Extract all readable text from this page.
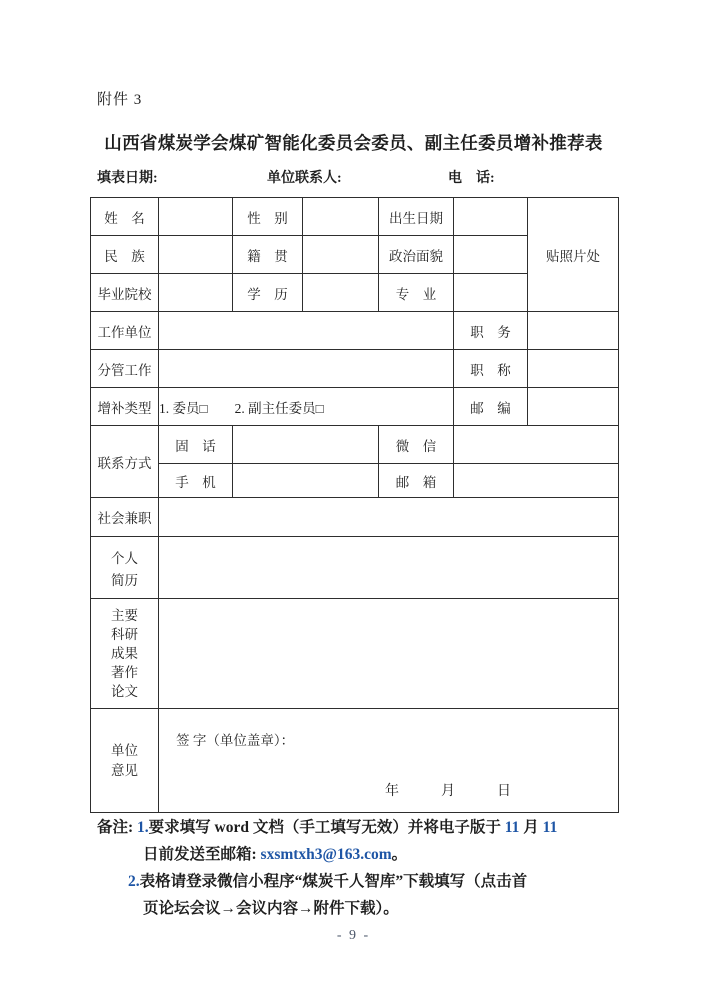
附件 3
山西省煤炭学会煤矿智能化委员会委员、副主任委员增补推荐表
填表日期:	单位联系人:	电　话:
姓　名		性　别		出生日期		贴照片处
民　族		籍　贯		政治面貌		
毕业院校		学　历		专　业		
工作单位					职　务	
分管工作					职　称	
增补类型	1. 委员□　　2. 副主任委员□				邮　编	
联系方式	固　话			微　信		
	手　机			邮　箱		
社会兼职						

个人
简历						

主要
科研
成果
著作
论文						

单位
意见	签 字（单位盖章）：
年　　　月　　　日					
备注: 1.要求填写 word 文档（手工填写无效）并将电子版于 11 月 11
日前发送至邮箱: sxsmtxh3@163.com。
2.表格请登录微信小程序“煤炭千人智库”下载填写（点击首
页论坛会议→会议内容→附件下载）。
- 9 -
